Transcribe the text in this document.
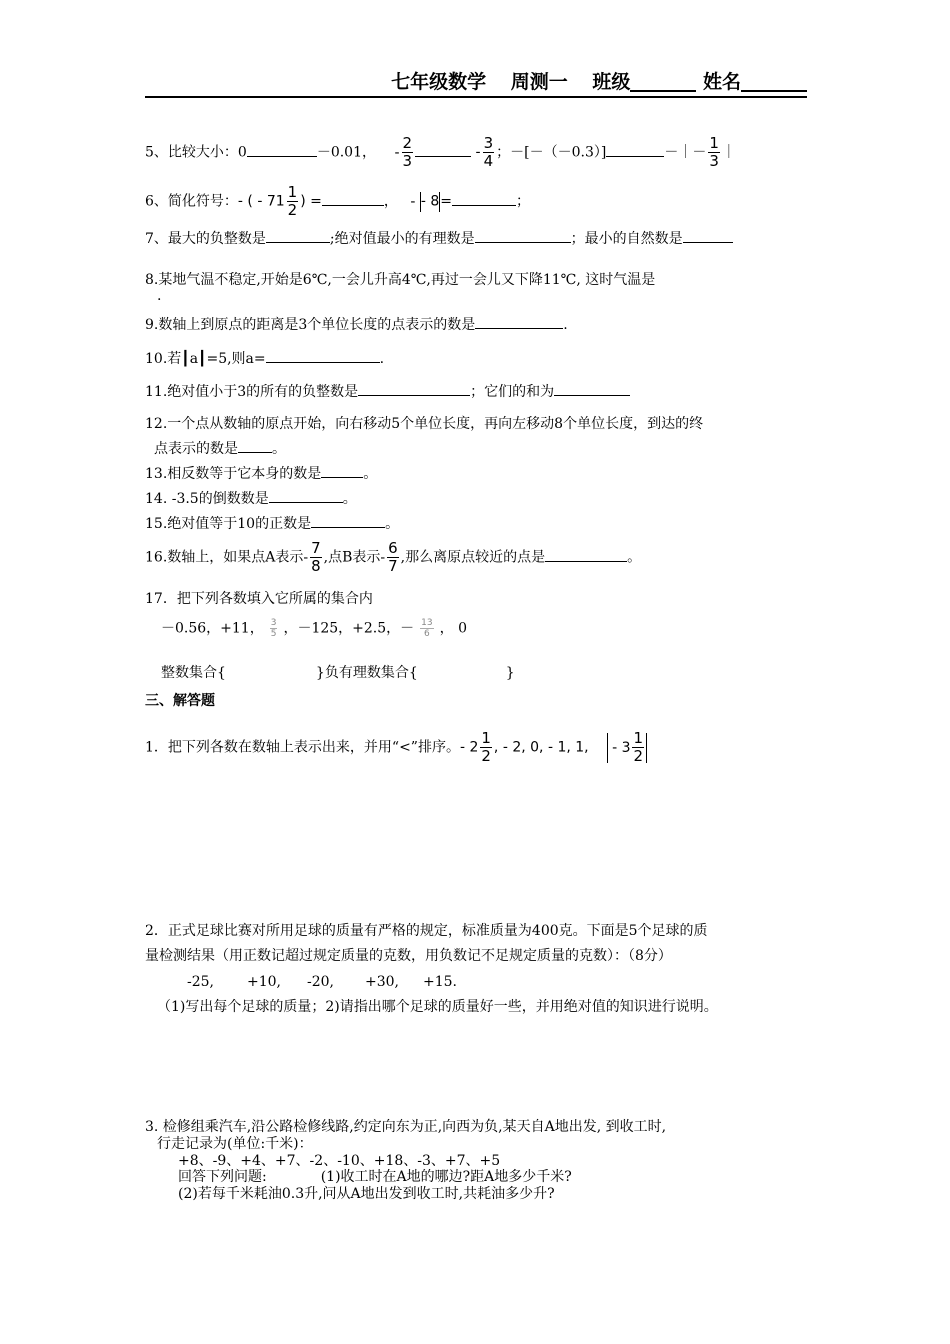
七年级数学 周测一 班级	姓名
5、比较大小：0	－0.01， - $\frac{2}{3}$	- $\frac{3}{4}$ ；－[－（－0.3）]	－｜－ $\frac{1}{3}$ ｜
6、简化符号：- ( - $71 \frac{1}{2}$ ) =	， - - 8=	；
7、最大的负整数是	;绝对值最小的有理数是	；最小的自然数是
8.某地气温不稳定,开始是6℃,一会儿升高4℃,再过一会儿又下降11℃, 这时气温是
.
9.数轴上到原点的距离是3个单位长度的点表示的数是	.
10.若┃a┃=5,则a=	.
11.绝对值小于3的所有的负整数是	；它们的和为
12.一个点从数轴的原点开始，向右移动5个单位长度，再向左移动8个单位长度，到达的终
点表示的数是 。
13.相反数等于它本身的数是	。
14. -3.5的倒数数是	。
15.绝对值等于10的正数是	。
16.数轴上，如果点A表示- $\frac{7}{8}$ ,点B表示- $\frac{6}{7}$ ,那么离原点较近的点是	。
17．把下列各数填入它所属的集合内
－0.56，+11， $\frac{3}{5}$ ，－125，+2.5，－ $\frac{13}{6}$ ， 0
整数集合{	}负有理数集合{	}
三、解答题
1．把下列各数在数轴上表示出来，并用“<”排序。- $2 \frac{1}{2}$ , - 2, 0, - 1, 1, - $3 \frac{1}{2}$
2．正式足球比赛对所用足球的质量有严格的规定，标准质量为400克。下面是5个足球的质
量检测结果（用正数记超过规定质量的克数，用负数记不足规定质量的克数）：（8分）
-25, +10, -20, +30, +15.
（1)写出每个足球的质量；2)请指出哪个足球的质量好一些，并用绝对值的知识进行说明。
3. 检修组乘汽车,沿公路检修线路,约定向东为正,向西为负,某天自A地出发, 到收工时,
行走记录为(单位:千米)：
+8、-9、+4、+7、-2、-10、+18、-3、+7、+5
回答下列问题:	(1)收工时在A地的哪边?距A地多少千米?
(2)若每千米耗油0.3升,问从A地出发到收工时,共耗油多少升?
